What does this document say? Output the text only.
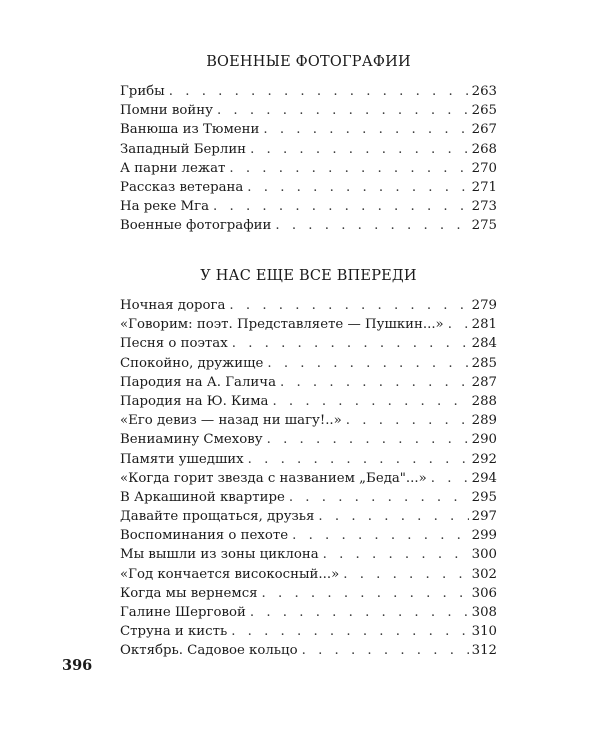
ВОЕННЫЕ ФОТОГРАФИИ
Грибы . . .	263
Помни войну . . .	265
Ванюша из Тюмени . . .	267
Западный Берлин . . .	268
А парни лежат . . .	270
Рассказ ветерана . . .	271
На реке Мга . . .	273
Военные фотографии . . .	275
У НАС ЕЩЕ ВСЕ ВПЕРЕДИ
Ночная дорога . . .	279
«Говорим: поэт. Представляете — Пушкин...» . . .	281
Песня о поэтах . . .	284
Спокойно, дружище . . .	285
Пародия на А. Галича . . .	287
Пародия на Ю. Кима . . .	288
«Его девиз — назад ни шагу!..» . . .	289
Вениамину Смехову . . .	290
Памяти ушедших . . .	292
«Когда горит звезда с названием „Беда"...» . . .	294
В Аркашиной квартире . . .	295
Давайте прощаться, друзья . . .	297
Воспоминания о пехоте . . .	299
Мы вышли из зоны циклона . . .	300
«Год кончается високосный...» . . .	302
Когда мы вернемся . . .	306
Галине Шерговой . . .	308
Струна и кисть . . .	310
Октябрь. Садовое кольцо . . .	312
396
